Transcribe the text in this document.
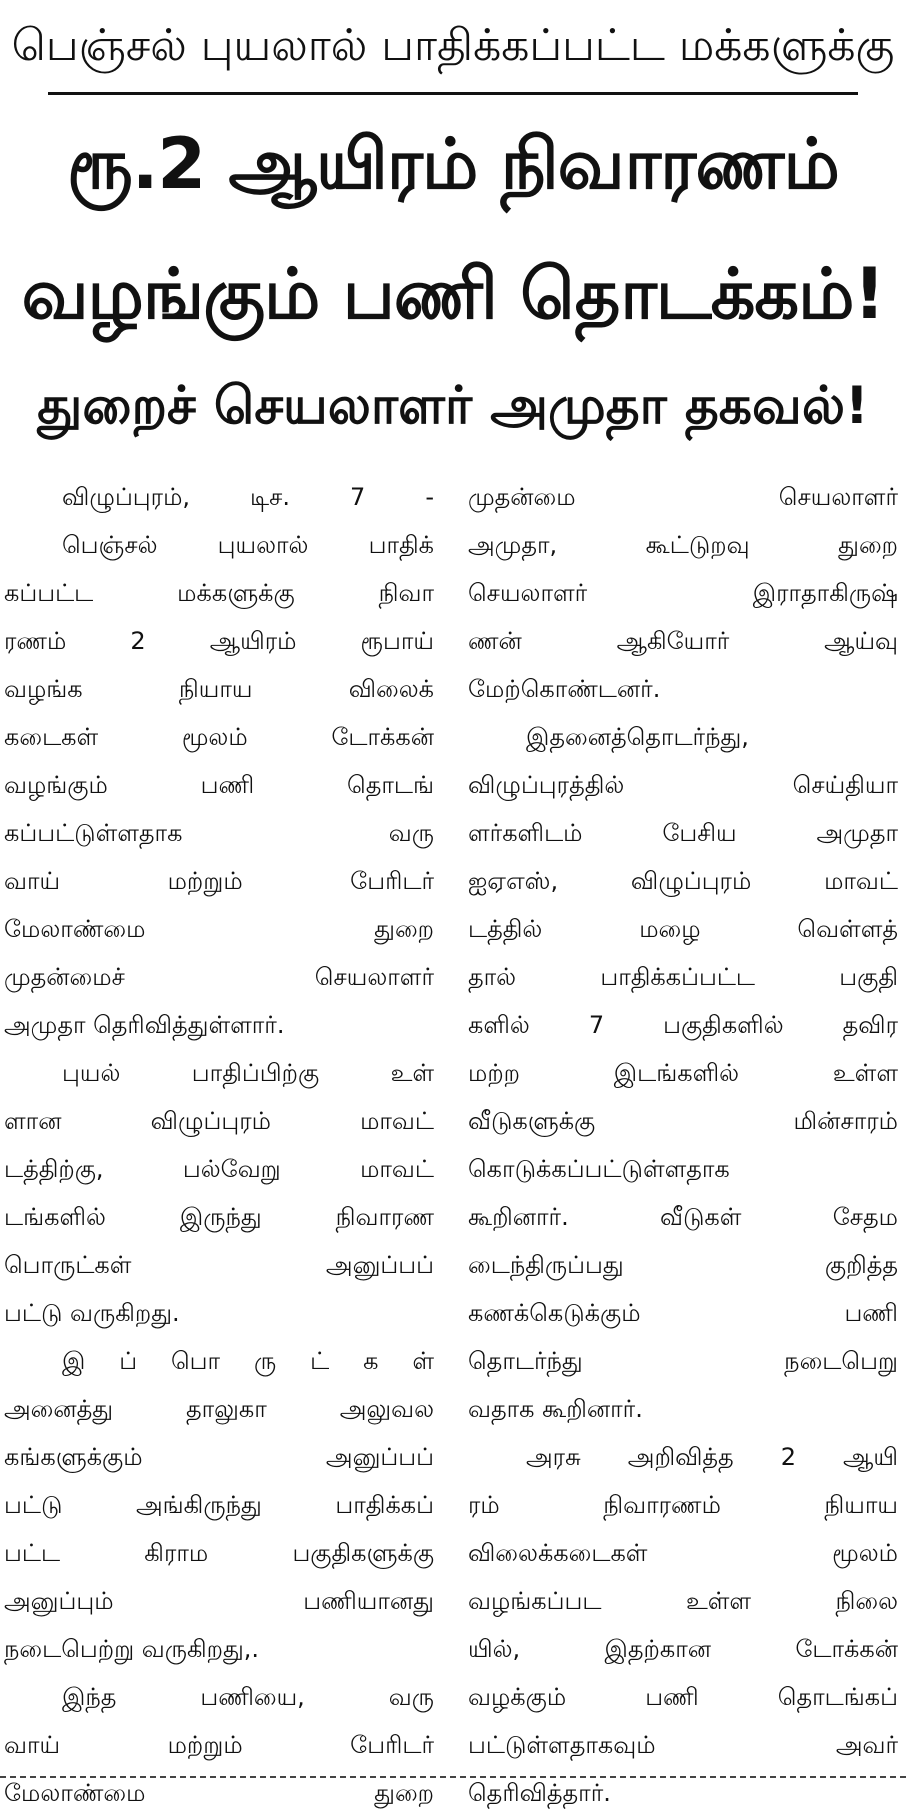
பெஞ்சல் புயலால் பாதிக்கப்பட்ட மக்களுக்கு
ரூ.2 ஆயிரம் நிவாரணம்
வழங்கும் பணி தொடக்கம்!
துறைச் செயலாளர் அமுதா தகவல்!
விழுப்புரம், டிச. 7 -
பெஞ்சல் புயலால் பாதிக்
கப்பட்ட மக்களுக்கு நிவா
ரணம் 2 ஆயிரம் ரூபாய்
வழங்க நியாய விலைக்
கடைகள் மூலம் டோக்கன்
வழங்கும் பணி தொடங்
கப்பட்டுள்ளதாக வரு
வாய் மற்றும் பேரிடர்
மேலாண்மை துறை
முதன்மைச் செயலாளர்
அமுதா தெரிவித்துள்ளார்.
புயல் பாதிப்பிற்கு உள்
ளான விழுப்புரம் மாவட்
டத்திற்கு, பல்வேறு மாவட்
டங்களில் இருந்து நிவாரண
பொருட்கள் அனுப்பப்
பட்டு வருகிறது.
இ ப் பொ ரு ட் க ள்
அனைத்து தாலுகா அலுவல
கங்களுக்கும் அனுப்பப்
பட்டு அங்கிருந்து பாதிக்கப்
பட்ட கிராம பகுதிகளுக்கு
அனுப்பும் பணியானது
நடைபெற்று வருகிறது,.
இந்த பணியை, வரு
வாய் மற்றும் பேரிடர்
மேலாண்மை துறை
முதன்மை செயலாளர்
அமுதா, கூட்டுறவு துறை
செயலாளர் இராதாகிருஷ்
ணன் ஆகியோர் ஆய்வு
மேற்கொண்டனர்.
இதனைத்தொடர்ந்து,
விழுப்புரத்தில் செய்தியா
ளர்களிடம் பேசிய அமுதா
ஐஏஎஸ், விழுப்புரம் மாவட்
டத்தில் மழை வெள்ளத்
தால் பாதிக்கப்பட்ட பகுதி
களில் 7 பகுதிகளில் தவிர
மற்ற இடங்களில் உள்ள
வீடுகளுக்கு மின்சாரம்
கொடுக்கப்பட்டுள்ளதாக
கூறினார். வீடுகள் சேதம
டைந்திருப்பது குறித்த
கணக்கெடுக்கும் பணி
தொடர்ந்து நடைபெறு
வதாக கூறினார்.
அரசு அறிவித்த 2 ஆயி
ரம் நிவாரணம் நியாய
விலைக்கடைகள் மூலம்
வழங்கப்பட உள்ள நிலை
யில், இதற்கான டோக்கன்
வழக்கும் பணி தொடங்கப்
பட்டுள்ளதாகவும் அவர்
தெரிவித்தார்.
